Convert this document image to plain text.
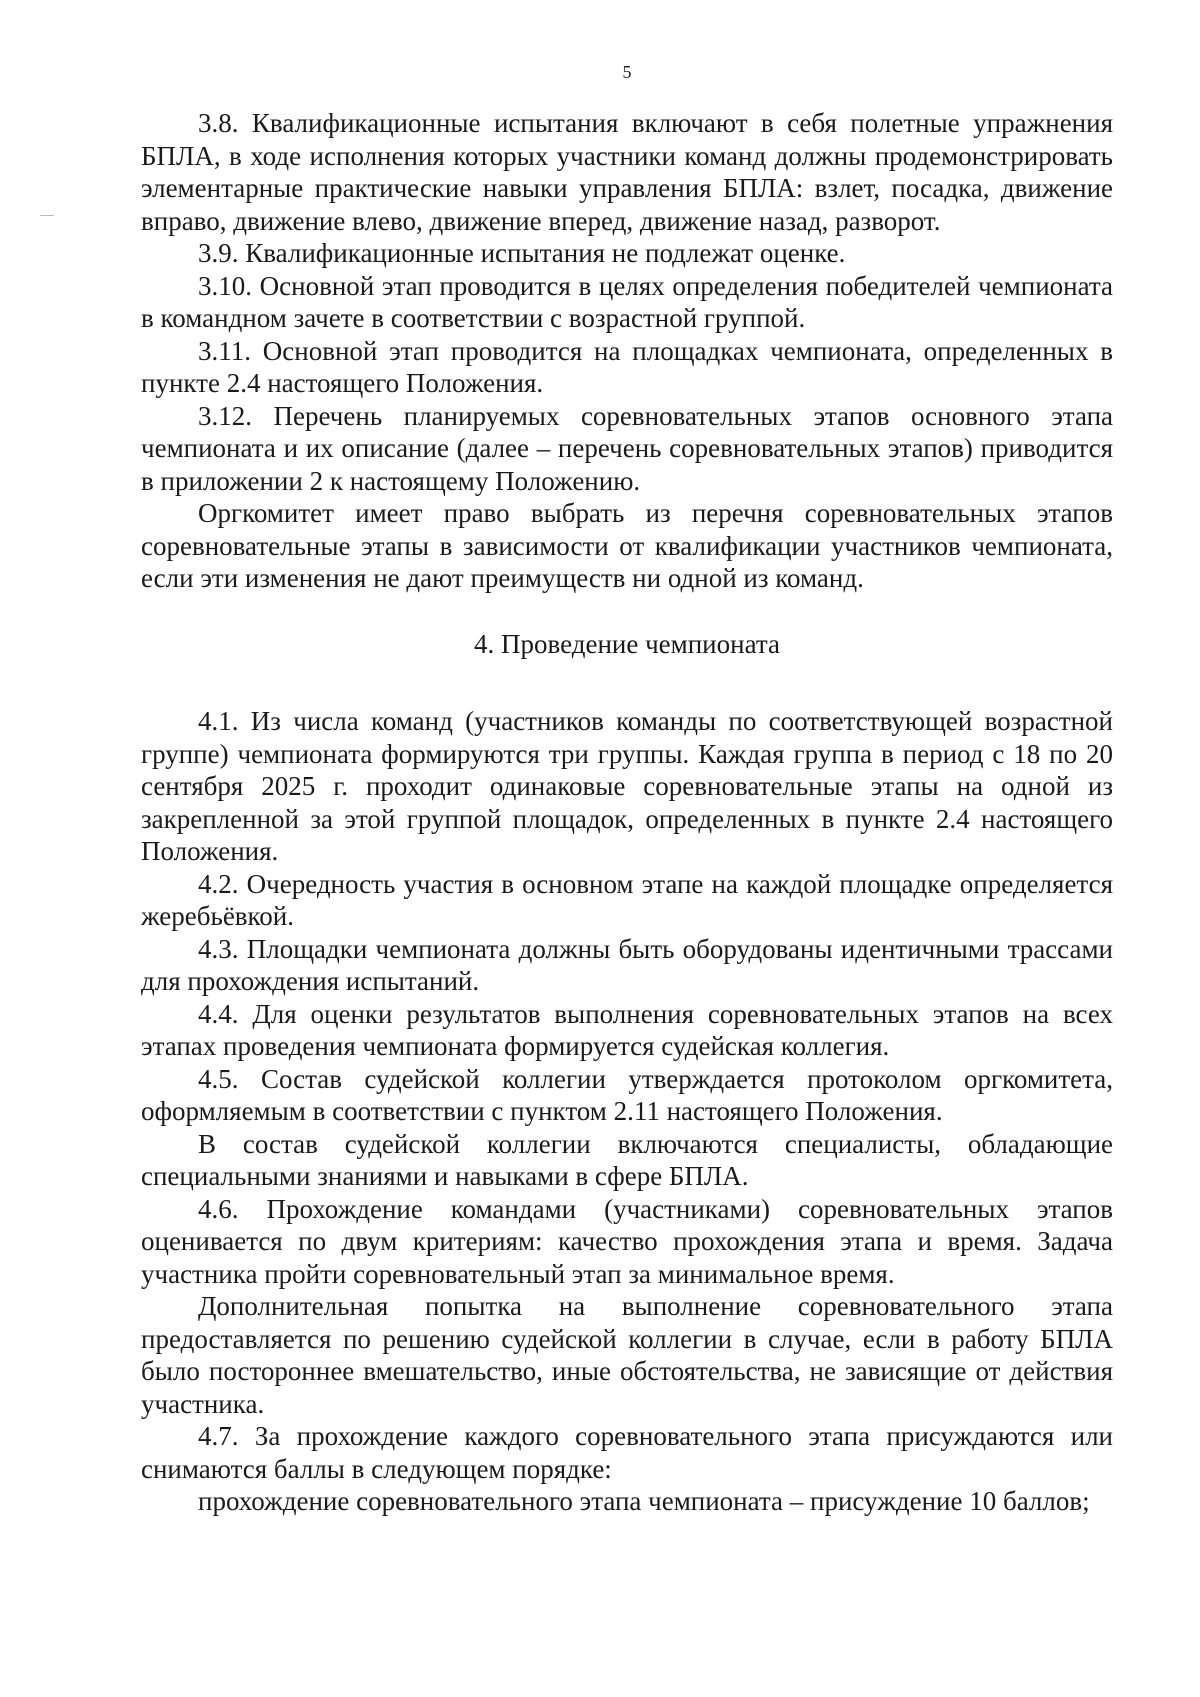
5

3.8. Квалификационные испытания включают в себя полетные упражнения БПЛА, в ходе исполнения которых участники команд должны продемонстрировать элементарные практические навыки управления БПЛА: взлет, посадка, движение вправо, движение влево, движение вперед, движение назад, разворот.

3.9. Квалификационные испытания не подлежат оценке.

3.10. Основной этап проводится в целях определения победителей чемпионата в командном зачете в соответствии с возрастной группой.

3.11. Основной этап проводится на площадках чемпионата, определенных в пункте 2.4 настоящего Положения.

3.12. Перечень планируемых соревновательных этапов основного этапа чемпионата и их описание (далее – перечень соревновательных этапов) приводится в приложении 2 к настоящему Положению.

Оргкомитет имеет право выбрать из перечня соревновательных этапов соревновательные этапы в зависимости от квалификации участников чемпионата, если эти изменения не дают преимуществ ни одной из команд.

4. Проведение чемпионата

4.1. Из числа команд (участников команды по соответствующей возрастной группе) чемпионата формируются три группы. Каждая группа в период с 18 по 20 сентября 2025 г. проходит одинаковые соревновательные этапы на одной из закрепленной за этой группой площадок, определенных в пункте 2.4 настоящего Положения.

4.2. Очередность участия в основном этапе на каждой площадке определяется жеребьёвкой.

4.3. Площадки чемпионата должны быть оборудованы идентичными трассами для прохождения испытаний.

4.4. Для оценки результатов выполнения соревновательных этапов на всех этапах проведения чемпионата формируется судейская коллегия.

4.5. Состав судейской коллегии утверждается протоколом оргкомитета, оформляемым в соответствии с пунктом 2.11 настоящего Положения.

В состав судейской коллегии включаются специалисты, обладающие специальными знаниями и навыками в сфере БПЛА.

4.6. Прохождение командами (участниками) соревновательных этапов оценивается по двум критериям: качество прохождения этапа и время. Задача участника пройти соревновательный этап за минимальное время.

Дополнительная попытка на выполнение соревновательного этапа предоставляется по решению судейской коллегии в случае, если в работу БПЛА было постороннее вмешательство, иные обстоятельства, не зависящие от действия участника.

4.7. За прохождение каждого соревновательного этапа присуждаются или снимаются баллы в следующем порядке:

прохождение соревновательного этапа чемпионата – присуждение 10 баллов;
